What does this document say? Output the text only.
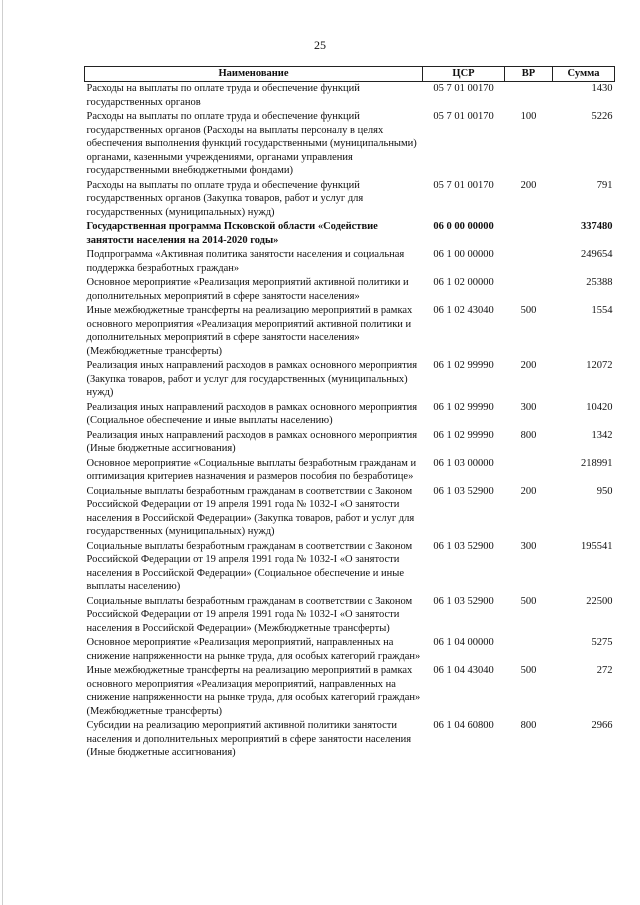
25
Наименование	ЦСР	ВР	Сумма
Расходы на выплаты по оплате труда и обеспечение функций государственных органов	05 7 01 00170		1430
Расходы на выплаты по оплате труда и обеспечение функций государственных органов (Расходы на выплаты персоналу в целях обеспечения выполнения функций государственными (муниципальными) органами, казенными учреждениями, органами управления государственными внебюджетными фондами)	05 7 01 00170	100	5226
Расходы на выплаты по оплате труда и обеспечение функций государственных органов (Закупка товаров, работ и услуг для государственных (муниципальных) нужд)	05 7 01 00170	200	791
Государственная программа Псковской области «Содействие занятости населения на 2014-2020 годы»	06 0 00 00000		337480
Подпрограмма «Активная политика занятости населения и социальная поддержка безработных граждан»	06 1 00 00000		249654
Основное мероприятие «Реализация мероприятий активной политики и дополнительных мероприятий в сфере занятости населения»	06 1 02 00000		25388
Иные межбюджетные трансферты на реализацию мероприятий в рамках основного мероприятия «Реализация мероприятий активной политики и дополнительных мероприятий в сфере занятости населения» (Межбюджетные трансферты)	06 1 02 43040	500	1554
Реализация иных направлений расходов в рамках основного мероприятия (Закупка товаров, работ и услуг для государственных (муниципальных) нужд)	06 1 02 99990	200	12072
Реализация иных направлений расходов в рамках основного мероприятия (Социальное обеспечение и иные выплаты населению)	06 1 02 99990	300	10420
Реализация иных направлений расходов в рамках основного мероприятия (Иные бюджетные ассигнования)	06 1 02 99990	800	1342
Основное мероприятие «Социальные выплаты безработным гражданам и оптимизация критериев назначения и размеров пособия по безработице»	06 1 03 00000		218991
Социальные выплаты безработным гражданам в соответствии с Законом Российской Федерации от 19 апреля 1991 года № 1032-I «О занятости населения в Российской Федерации» (Закупка товаров, работ и услуг для государственных (муниципальных) нужд)	06 1 03 52900	200	950
Социальные выплаты безработным гражданам в соответствии с Законом Российской Федерации от 19 апреля 1991 года № 1032-I «О занятости населения в Российской Федерации» (Социальное обеспечение и иные выплаты населению)	06 1 03 52900	300	195541
Социальные выплаты безработным гражданам в соответствии с Законом Российской Федерации от 19 апреля 1991 года № 1032-I «О занятости населения в Российской Федерации» (Межбюджетные трансферты)	06 1 03 52900	500	22500
Основное мероприятие «Реализация мероприятий, направленных на снижение напряженности на рынке труда, для особых категорий граждан»	06 1 04 00000		5275
Иные межбюджетные трансферты на реализацию мероприятий в рамках основного мероприятия «Реализация мероприятий, направленных на снижение напряженности на рынке труда, для особых категорий граждан» (Межбюджетные трансферты)	06 1 04 43040	500	272
Субсидии на реализацию мероприятий активной политики занятости населения и дополнительных мероприятий в сфере занятости населения (Иные бюджетные ассигнования)	06 1 04 60800	800	2966
